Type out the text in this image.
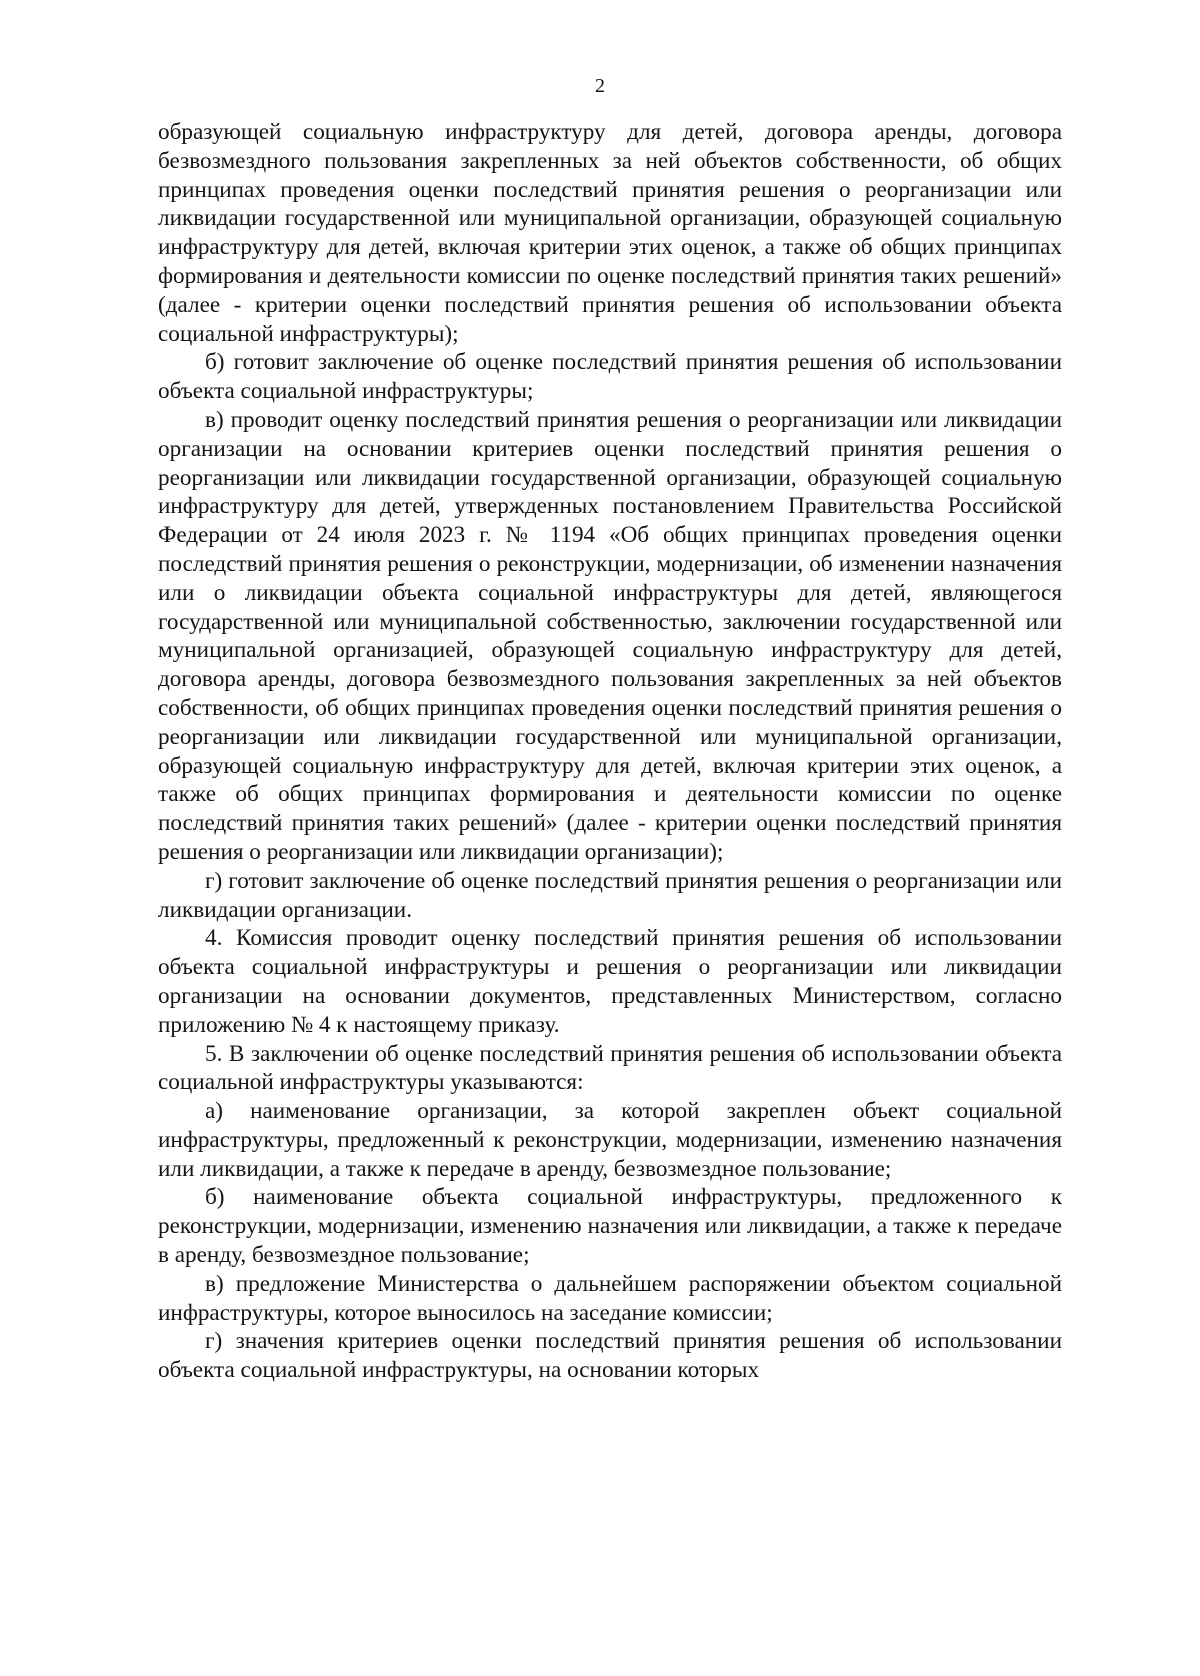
2

образующей социальную инфраструктуру для детей, договора аренды, договора безвозмездного пользования закрепленных за ней объектов собственности, об общих принципах проведения оценки последствий принятия решения о реорганизации или ликвидации государственной или муниципальной организации, образующей социальную инфраструктуру для детей, включая критерии этих оценок, а также об общих принципах формирования и деятельности комиссии по оценке последствий принятия таких решений» (далее - критерии оценки последствий принятия решения об использовании объекта социальной инфраструктуры);

б) готовит заключение об оценке последствий принятия решения об использовании объекта социальной инфраструктуры;

в) проводит оценку последствий принятия решения о реорганизации или ликвидации организации на основании критериев оценки последствий принятия решения о реорганизации или ликвидации государственной организации, образующей социальную инфраструктуру для детей, утвержденных постановлением Правительства Российской Федерации от 24 июля 2023 г. № 1194 «Об общих принципах проведения оценки последствий принятия решения о реконструкции, модернизации, об изменении назначения или о ликвидации объекта социальной инфраструктуры для детей, являющегося государственной или муниципальной собственностью, заключении государственной или муниципальной организацией, образующей социальную инфраструктуру для детей, договора аренды, договора безвозмездного пользования закрепленных за ней объектов собственности, об общих принципах проведения оценки последствий принятия решения о реорганизации или ликвидации государственной или муниципальной организации, образующей социальную инфраструктуру для детей, включая критерии этих оценок, а также об общих принципах формирования и деятельности комиссии по оценке последствий принятия таких решений» (далее - критерии оценки последствий принятия решения о реорганизации или ликвидации организации);

г) готовит заключение об оценке последствий принятия решения о реорганизации или ликвидации организации.

4. Комиссия проводит оценку последствий принятия решения об использовании объекта социальной инфраструктуры и решения о реорганизации или ликвидации организации на основании документов, представленных Министерством, согласно приложению № 4 к настоящему приказу.

5. В заключении об оценке последствий принятия решения об использовании объекта социальной инфраструктуры указываются:

а) наименование организации, за которой закреплен объект социальной инфраструктуры, предложенный к реконструкции, модернизации, изменению назначения или ликвидации, а также к передаче в аренду, безвозмездное пользование;

б) наименование объекта социальной инфраструктуры, предложенного к реконструкции, модернизации, изменению назначения или ликвидации, а также к передаче в аренду, безвозмездное пользование;

в) предложение Министерства о дальнейшем распоряжении объектом социальной инфраструктуры, которое выносилось на заседание комиссии;

г) значения критериев оценки последствий принятия решения об использовании объекта социальной инфраструктуры, на основании которых
